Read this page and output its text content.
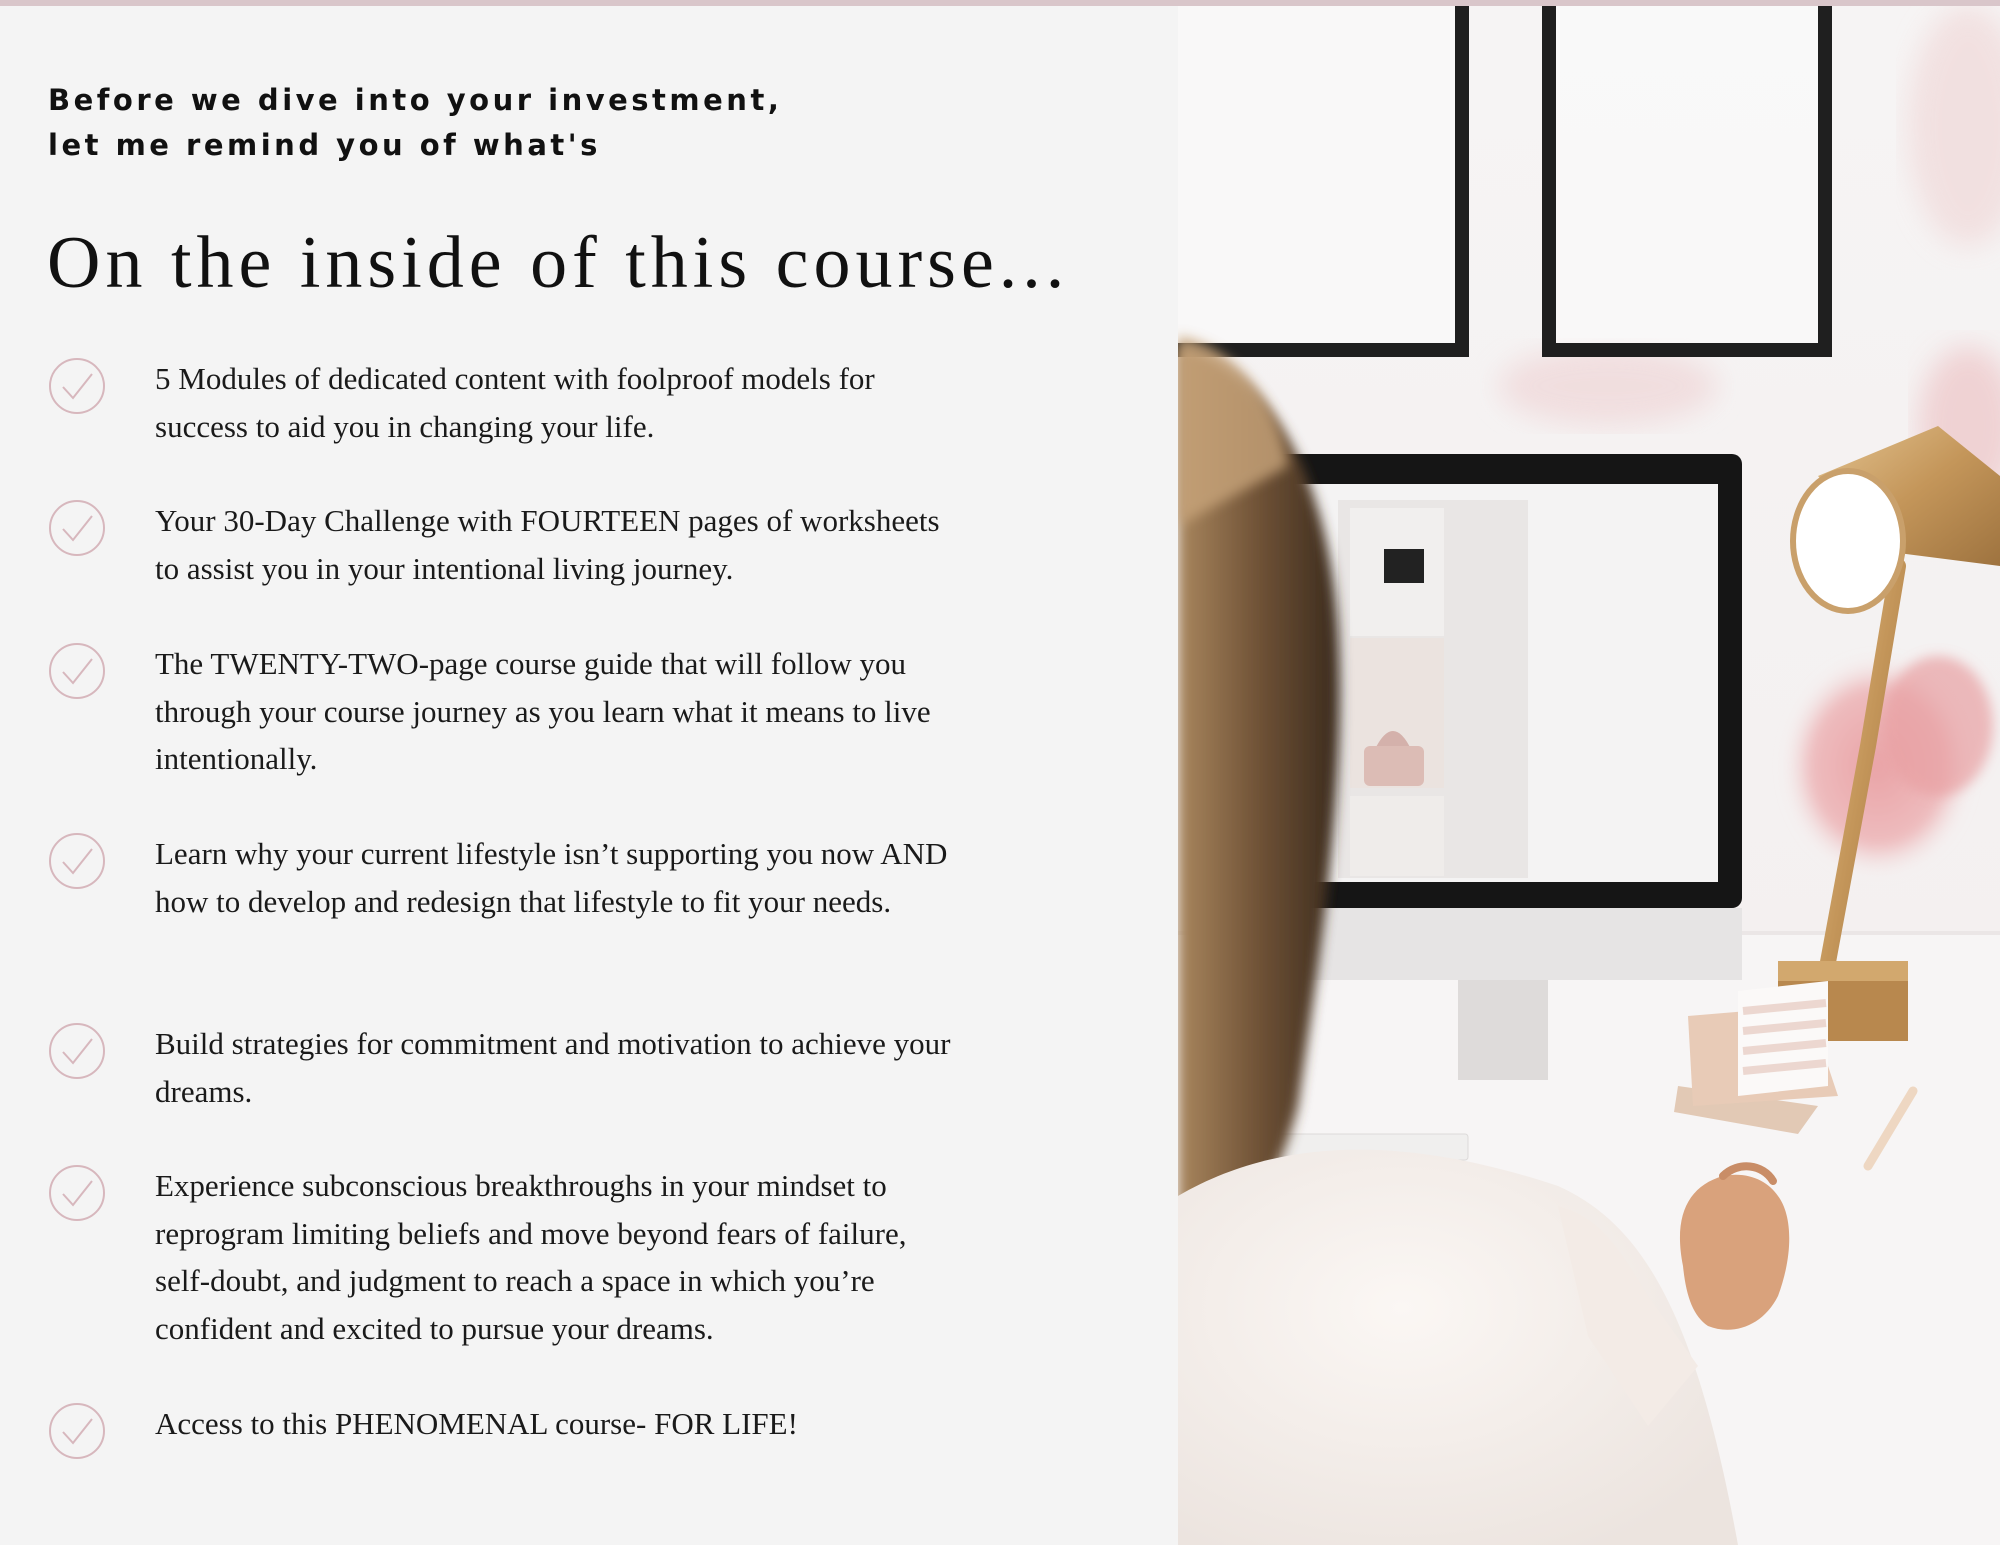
Before we dive into your investment,
let me remind you of what's
On the inside of this course...
5 Modules of dedicated content with foolproof models for
success to aid you in changing your life.
Your 30-Day Challenge with FOURTEEN pages of worksheets
to assist you in your intentional living journey.
The TWENTY-TWO-page course guide that will follow you
through your course journey as you learn what it means to live
intentionally.
Learn why your current lifestyle isn’t supporting you now AND
how to develop and redesign that lifestyle to fit your needs.
Build strategies for commitment and motivation to achieve your
dreams.
Experience subconscious breakthroughs in your mindset to
reprogram limiting beliefs and move beyond fears of failure,
self-doubt, and judgment to reach a space in which you’re
confident and excited to pursue your dreams.
Access to this PHENOMENAL course- FOR LIFE!
